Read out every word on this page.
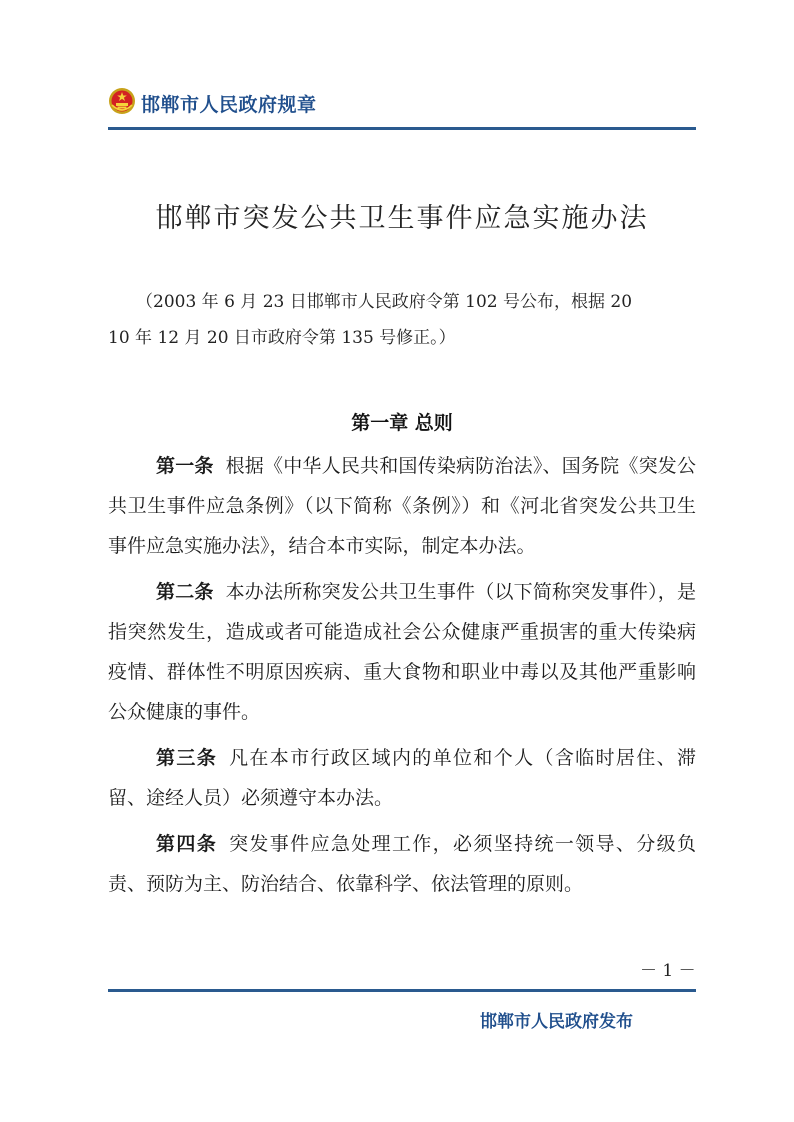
邯郸市人民政府规章
邯郸市突发公共卫生事件应急实施办法
（2003 年 6 月 23 日邯郸市人民政府令第 102 号公布，根据 20
10 年 12 月 20 日市政府令第 135 号修正。）
第一章 总则

第一条 根据《中华人民共和国传染病防治法》、国务院《突发公共卫生事件应急条例》（以下简称《条例》）和《河北省突发公共卫生事件应急实施办法》，结合本市实际，制定本办法。

第二条 本办法所称突发公共卫生事件（以下简称突发事件），是指突然发生，造成或者可能造成社会公众健康严重损害的重大传染病疫情、群体性不明原因疾病、重大食物和职业中毒以及其他严重影响公众健康的事件。

第三条 凡在本市行政区域内的单位和个人（含临时居住、滞留、途经人员）必须遵守本办法。

第四条 突发事件应急处理工作，必须坚持统一领导、分级负责、预防为主、防治结合、依靠科学、依法管理的原则。

－ 1 －
邯郸市人民政府发布
